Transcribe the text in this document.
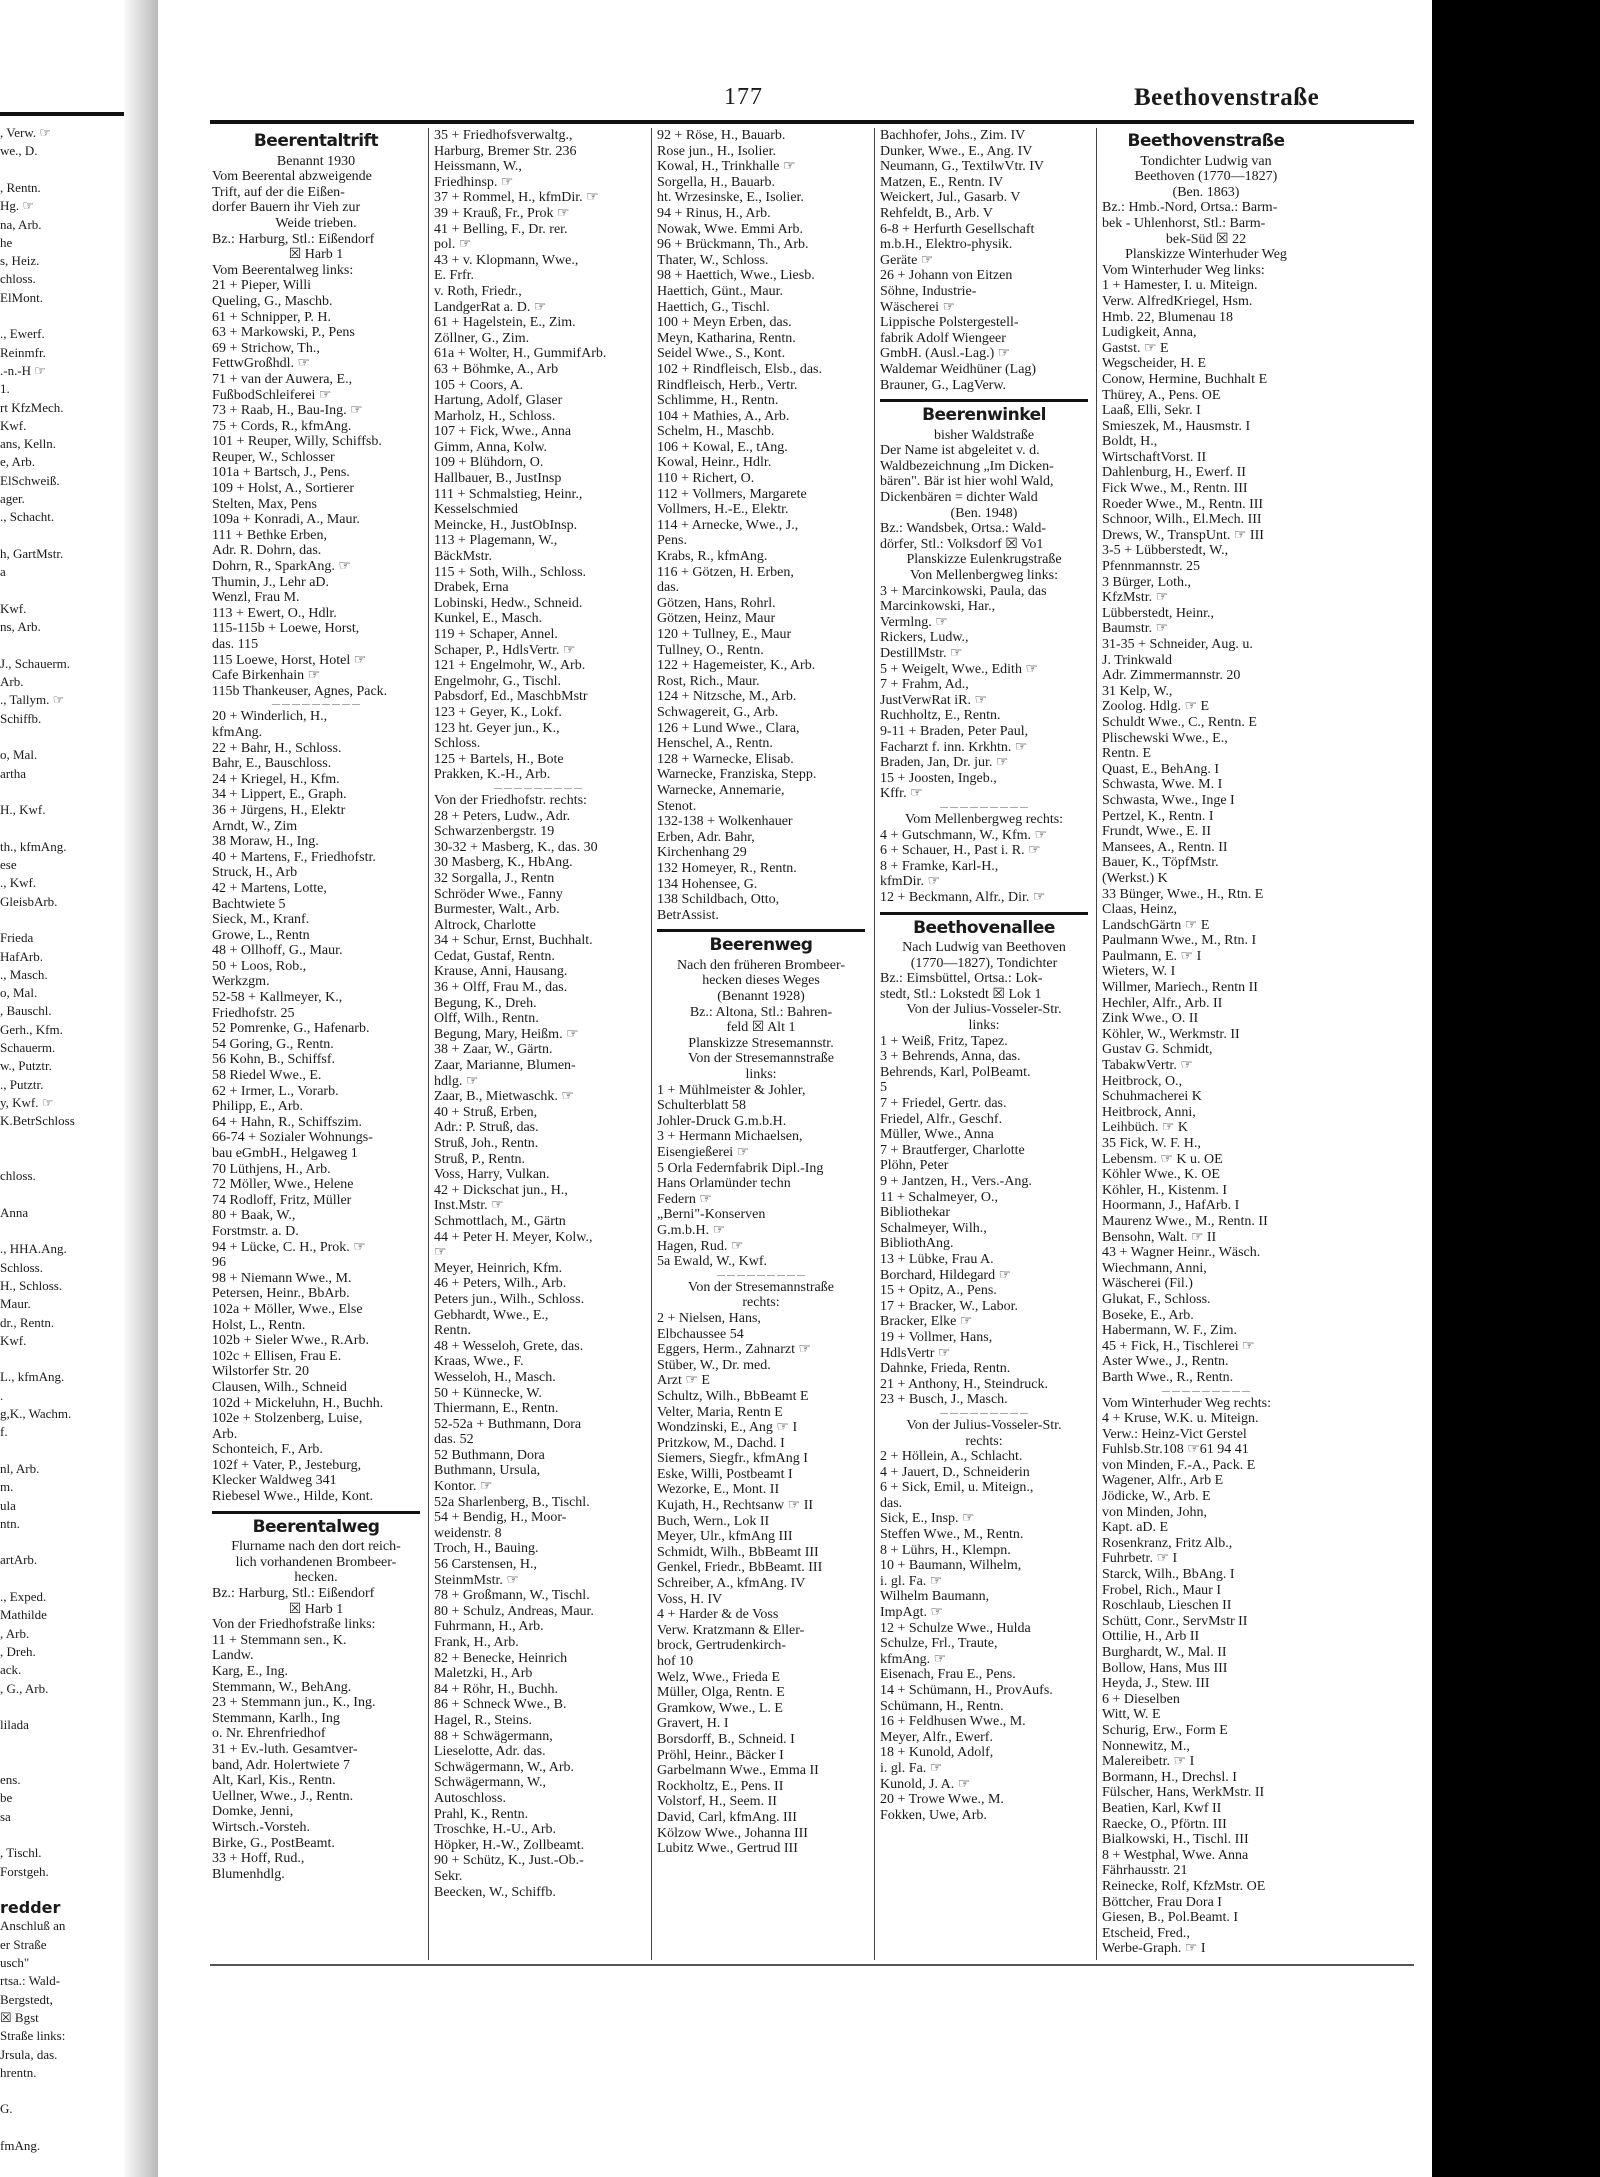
, Verw. ☞
we., D.
, Rentn.
Hg. ☞
na, Arb.
he
s, Heiz.
chloss.
ElMont.
., Ewerf.
Reinmfr.
.-n.-H ☞
1.
rt KfzMech.
Kwf.
ans, Kelln.
e, Arb.
ElSchweiß.
ager.
., Schacht.
h, GartMstr.
a
Kwf.
ns, Arb.
J., Schauerm.
Arb.
., Tallym. ☞
Schiffb.
o, Mal.
artha
H., Kwf.
th., kfmAng.
ese
., Kwf.
GleisbArb.
Frieda
HafArb.
., Masch.
o, Mal.
, Bauschl.
Gerh., Kfm.
Schauerm.
w., Putztr.
., Putztr.
y, Kwf. ☞
K.BetrSchloss
chloss.
Anna
., HHA.Ang.
Schloss.
H., Schloss.
Maur.
dr., Rentn.
Kwf.
L., kfmAng.
.
g,K., Wachm.
f.
nl, Arb.
m.
ula
ntn.
artArb.
., Exped.
Mathilde
, Arb.
, Dreh.
ack.
, G., Arb.
lilada
ens.
be
sa
, Tischl.
Forstgeh.
redder
Anschluß an
er Straße
usch"
rtsa.: Wald-
Bergstedt,
☒ Bgst
Straße links:
Jrsula, das.
hrentn.
G.
fmAng.
177	Beethovenstraße
Beerentaltrift
Benannt 1930
Vom Beerental abzweigende
Trift, auf der die Eißen-
dorfer Bauern ihr Vieh zur
Weide trieben.
Bz.: Harburg, Stl.: Eißendorf
☒ Harb 1
Vom Beerentalweg links:
21 + Pieper, Willi
Queling, G., Maschb.
61 + Schnipper, P. H.
63 + Markowski, P., Pens
69 + Strichow, Th.,
FettwGroßhdl. ☞
71 + van der Auwera, E.,
FußbodSchleiferei ☞
73 + Raab, H., Bau-Ing. ☞
75 + Cords, R., kfmAng.
101 + Reuper, Willy, Schiffsb.
Reuper, W., Schlosser
101a + Bartsch, J., Pens.
109 + Holst, A., Sortierer
Stelten, Max, Pens
109a + Konradi, A., Maur.
111 + Bethke Erben,
Adr. R. Dohrn, das.
Dohrn, R., SparkAng. ☞
Thumin, J., Lehr aD.
Wenzl, Frau M.
113 + Ewert, O., Hdlr.
115-115b + Loewe, Horst,
das. 115
115 Loewe, Horst, Hotel ☞
Cafe Birkenhain ☞
115b Thankeuser, Agnes, Pack.
— — — — — — — — —
20 + Winderlich, H.,
kfmAng.
22 + Bahr, H., Schloss.
Bahr, E., Bauschloss.
24 + Kriegel, H., Kfm.
34 + Lippert, E., Graph.
36 + Jürgens, H., Elektr
Arndt, W., Zim
38 Moraw, H., Ing.
40 + Martens, F., Friedhofstr.
Struck, H., Arb
42 + Martens, Lotte,
Bachtwiete 5
Sieck, M., Kranf.
Growe, L., Rentn
48 + Ollhoff, G., Maur.
50 + Loos, Rob.,
Werkzgm.
52-58 + Kallmeyer, K.,
Friedhofstr. 25
52 Pomrenke, G., Hafenarb.
54 Goring, G., Rentn.
56 Kohn, B., Schiffsf.
58 Riedel Wwe., E.
62 + Irmer, L., Vorarb.
Philipp, E., Arb.
64 + Hahn, R., Schiffszim.
66-74 + Sozialer Wohnungs-
bau eGmbH., Helgaweg 1
70 Lüthjens, H., Arb.
72 Möller, Wwe., Helene
74 Rodloff, Fritz, Müller
80 + Baak, W.,
Forstmstr. a. D.
94 + Lücke, C. H., Prok. ☞
96
98 + Niemann Wwe., M.
Petersen, Heinr., BbArb.
102a + Möller, Wwe., Else
Holst, L., Rentn.
102b + Sieler Wwe., R.Arb.
102c + Ellisen, Frau E.
Wilstorfer Str. 20
Clausen, Wilh., Schneid
102d + Mickeluhn, H., Buchh.
102e + Stolzenberg, Luise,
Arb.
Schonteich, F., Arb.
102f + Vater, P., Jesteburg,
Klecker Waldweg 341
Riebesel Wwe., Hilde, Kont.
Beerentalweg
Flurname nach den dort reich-
lich vorhandenen Brombeer-
hecken.
Bz.: Harburg, Stl.: Eißendorf
☒ Harb 1
Von der Friedhofstraße links:
11 + Stemmann sen., K.
Landw.
Karg, E., Ing.
Stemmann, W., BehAng.
23 + Stemmann jun., K., Ing.
Stemmann, Karlh., Ing
o. Nr. Ehrenfriedhof
31 + Ev.-luth. Gesamtver-
band, Adr. Holertwiete 7
Alt, Karl, Kis., Rentn.
Uellner, Wwe., J., Rentn.
Domke, Jenni,
Wirtsch.-Vorsteh.
Birke, G., PostBeamt.
33 + Hoff, Rud.,
Blumenhdlg.
35 + Friedhofsverwaltg.,
Harburg, Bremer Str. 236
Heissmann, W.,
Friedhinsp. ☞
37 + Rommel, H., kfmDir. ☞
39 + Krauß, Fr., Prok ☞
41 + Belling, F., Dr. rer.
pol. ☞
43 + v. Klopmann, Wwe.,
E. Frfr.
v. Roth, Friedr.,
LandgerRat a. D. ☞
61 + Hagelstein, E., Zim.
Zöllner, G., Zim.
61a + Wolter, H., GummifArb.
63 + Böhmke, A., Arb
105 + Coors, A.
Hartung, Adolf, Glaser
Marholz, H., Schloss.
107 + Fick, Wwe., Anna
Gimm, Anna, Kolw.
109 + Blühdorn, O.
Hallbauer, B., JustInsp
111 + Schmalstieg, Heinr.,
Kesselschmied
Meincke, H., JustObInsp.
113 + Plagemann, W.,
BäckMstr.
115 + Soth, Wilh., Schloss.
Drabek, Erna
Lobinski, Hedw., Schneid.
Kunkel, E., Masch.
119 + Schaper, Annel.
Schaper, P., HdlsVertr. ☞
121 + Engelmohr, W., Arb.
Engelmohr, G., Tischl.
Pabsdorf, Ed., MaschbMstr
123 + Geyer, K., Lokf.
123 ht. Geyer jun., K.,
Schloss.
125 + Bartels, H., Bote
Prakken, K.-H., Arb.
— — — — — — — — —
Von der Friedhofstr. rechts:
28 + Peters, Ludw., Adr.
Schwarzenbergstr. 19
30-32 + Masberg, K., das. 30
30 Masberg, K., HbAng.
32 Sorgalla, J., Rentn
Schröder Wwe., Fanny
Burmester, Walt., Arb.
Altrock, Charlotte
34 + Schur, Ernst, Buchhalt.
Cedat, Gustaf, Rentn.
Krause, Anni, Hausang.
36 + Olff, Frau M., das.
Begung, K., Dreh.
Olff, Wilh., Rentn.
Begung, Mary, Heißm. ☞
38 + Zaar, W., Gärtn.
Zaar, Marianne, Blumen-
hdlg. ☞
Zaar, B., Mietwaschk. ☞
40 + Struß, Erben,
Adr.: P. Struß, das.
Struß, Joh., Rentn.
Struß, P., Rentn.
Voss, Harry, Vulkan.
42 + Dickschat jun., H.,
Inst.Mstr. ☞
Schmottlach, M., Gärtn
44 + Peter H. Meyer, Kolw.,
☞
Meyer, Heinrich, Kfm.
46 + Peters, Wilh., Arb.
Peters jun., Wilh., Schloss.
Gebhardt, Wwe., E.,
Rentn.
48 + Wesseloh, Grete, das.
Kraas, Wwe., F.
Wesseloh, H., Masch.
50 + Künnecke, W.
Thiermann, E., Rentn.
52-52a + Buthmann, Dora
das. 52
52 Buthmann, Dora
Buthmann, Ursula,
Kontor. ☞
52a Sharlenberg, B., Tischl.
54 + Bendig, H., Moor-
weidenstr. 8
Troch, H., Bauing.
56 Carstensen, H.,
SteinmMstr. ☞
78 + Großmann, W., Tischl.
80 + Schulz, Andreas, Maur.
Fuhrmann, H., Arb.
Frank, H., Arb.
82 + Benecke, Heinrich
Maletzki, H., Arb
84 + Röhr, H., Buchh.
86 + Schneck Wwe., B.
Hagel, R., Steins.
88 + Schwägermann,
Lieselotte, Adr. das.
Schwägermann, W., Arb.
Schwägermann, W.,
Autoschloss.
Prahl, K., Rentn.
Troschke, H.-U., Arb.
Höpker, H.-W., Zollbeamt.
90 + Schütz, K., Just.-Ob.-
Sekr.
Beecken, W., Schiffb.
92 + Röse, H., Bauarb.
Rose jun., H., Isolier.
Kowal, H., Trinkhalle ☞
Sorgella, H., Bauarb.
ht. Wrzesinske, E., Isolier.
94 + Rinus, H., Arb.
Nowak, Wwe. Emmi Arb.
96 + Brückmann, Th., Arb.
Thater, W., Schloss.
98 + Haettich, Wwe., Liesb.
Haettich, Günt., Maur.
Haettich, G., Tischl.
100 + Meyn Erben, das.
Meyn, Katharina, Rentn.
Seidel Wwe., S., Kont.
102 + Rindfleisch, Elsb., das.
Rindfleisch, Herb., Vertr.
Schlimme, H., Rentn.
104 + Mathies, A., Arb.
Schelm, H., Maschb.
106 + Kowal, E., tAng.
Kowal, Heinr., Hdlr.
110 + Richert, O.
112 + Vollmers, Margarete
Vollmers, H.-E., Elektr.
114 + Arnecke, Wwe., J.,
Pens.
Krabs, R., kfmAng.
116 + Götzen, H. Erben,
das.
Götzen, Hans, Rohrl.
Götzen, Heinz, Maur
120 + Tullney, E., Maur
Tullney, O., Rentn.
122 + Hagemeister, K., Arb.
Rost, Rich., Maur.
124 + Nitzsche, M., Arb.
Schwagereit, G., Arb.
126 + Lund Wwe., Clara,
Henschel, A., Rentn.
128 + Warnecke, Elisab.
Warnecke, Franziska, Stepp.
Warnecke, Annemarie,
Stenot.
132-138 + Wolkenhauer
Erben, Adr. Bahr,
Kirchenhang 29
132 Homeyer, R., Rentn.
134 Hohensee, G.
138 Schildbach, Otto,
BetrAssist.
Beerenweg
Nach den früheren Brombeer-
hecken dieses Weges
(Benannt 1928)
Bz.: Altona, Stl.: Bahren-
feld ☒ Alt 1
Planskizze Stresemannstr.
Von der Stresemannstraße
links:
1 + Mühlmeister & Johler,
Schulterblatt 58
Johler-Druck G.m.b.H.
3 + Hermann Michaelsen,
Eisengießerei ☞
5 Orla Federnfabrik Dipl.-Ing
Hans Orlamünder techn
Federn ☞
„Berni"-Konserven
G.m.b.H. ☞
Hagen, Rud. ☞
5a Ewald, W., Kwf.
— — — — — — — — —
Von der Stresemannstraße
rechts:
2 + Nielsen, Hans,
Elbchaussee 54
Eggers, Herm., Zahnarzt ☞
Stüber, W., Dr. med.
Arzt ☞ E
Schultz, Wilh., BbBeamt E
Velter, Maria, Rentn E
Wondzinski, E., Ang ☞ I
Pritzkow, M., Dachd. I
Siemers, Siegfr., kfmAng I
Eske, Willi, Postbeamt I
Wezorke, E., Mont. II
Kujath, H., Rechtsanw ☞ II
Buch, Wern., Lok II
Meyer, Ulr., kfmAng III
Schmidt, Wilh., BbBeamt III
Genkel, Friedr., BbBeamt. III
Schreiber, A., kfmAng. IV
Voss, H. IV
4 + Harder & de Voss
Verw. Kratzmann & Eller-
brock, Gertrudenkirch-
hof 10
Welz, Wwe., Frieda E
Müller, Olga, Rentn. E
Gramkow, Wwe., L. E
Gravert, H. I
Borsdorff, B., Schneid. I
Pröhl, Heinr., Bäcker I
Garbelmann Wwe., Emma II
Rockholtz, E., Pens. II
Volstorf, H., Seem. II
David, Carl, kfmAng. III
Kölzow Wwe., Johanna III
Lubitz Wwe., Gertrud III
Bachhofer, Johs., Zim. IV
Dunker, Wwe., E., Ang. IV
Neumann, G., TextilwVtr. IV
Matzen, E., Rentn. IV
Weickert, Jul., Gasarb. V
Rehfeldt, B., Arb. V
6-8 + Herfurth Gesellschaft
m.b.H., Elektro-physik.
Geräte ☞
26 + Johann von Eitzen
Söhne, Industrie-
Wäscherei ☞
Lippische Polstergestell-
fabrik Adolf Wiengeer
GmbH. (Ausl.-Lag.) ☞
Waldemar Weidhüner (Lag)
Brauner, G., LagVerw.
Beerenwinkel
bisher Waldstraße
Der Name ist abgeleitet v. d.
Waldbezeichnung „Im Dicken-
bären". Bär ist hier wohl Wald,
Dickenbären = dichter Wald
(Ben. 1948)
Bz.: Wandsbek, Ortsa.: Wald-
dörfer, Stl.: Volksdorf ☒ Vo1
Planskizze Eulenkrugstraße
Von Mellenbergweg links:
3 + Marcinkowski, Paula, das
Marcinkowski, Har.,
Vermlng. ☞
Rickers, Ludw.,
DestillMstr. ☞
5 + Weigelt, Wwe., Edith ☞
7 + Frahm, Ad.,
JustVerwRat iR. ☞
Ruchholtz, E., Rentn.
9-11 + Braden, Peter Paul,
Facharzt f. inn. Krkhtn. ☞
Braden, Jan, Dr. jur. ☞
15 + Joosten, Ingeb.,
Kffr. ☞
— — — — — — — — —
Vom Mellenbergweg rechts:
4 + Gutschmann, W., Kfm. ☞
6 + Schauer, H., Past i. R. ☞
8 + Framke, Karl-H.,
kfmDir. ☞
12 + Beckmann, Alfr., Dir. ☞
Beethovenallee
Nach Ludwig van Beethoven
(1770—1827), Tondichter
Bz.: Eimsbüttel, Ortsa.: Lok-
stedt, Stl.: Lokstedt ☒ Lok 1
Von der Julius-Vosseler-Str.
links:
1 + Weiß, Fritz, Tapez.
3 + Behrends, Anna, das.
Behrends, Karl, PolBeamt.
5
7 + Friedel, Gertr. das.
Friedel, Alfr., Geschf.
Müller, Wwe., Anna
7 + Brautferger, Charlotte
Plöhn, Peter
9 + Jantzen, H., Vers.-Ang.
11 + Schalmeyer, O.,
Bibliothekar
Schalmeyer, Wilh.,
BibliothAng.
13 + Lübke, Frau A.
Borchard, Hildegard ☞
15 + Opitz, A., Pens.
17 + Bracker, W., Labor.
Bracker, Elke ☞
19 + Vollmer, Hans,
HdlsVertr ☞
Dahnke, Frieda, Rentn.
21 + Anthony, H., Steindruck.
23 + Busch, J., Masch.
— — — — — — — — —
Von der Julius-Vosseler-Str.
rechts:
2 + Höllein, A., Schlacht.
4 + Jauert, D., Schneiderin
6 + Sick, Emil, u. Miteign.,
das.
Sick, E., Insp. ☞
Steffen Wwe., M., Rentn.
8 + Lührs, H., Klempn.
10 + Baumann, Wilhelm,
i. gl. Fa. ☞
Wilhelm Baumann,
ImpAgt. ☞
12 + Schulze Wwe., Hulda
Schulze, Frl., Traute,
kfmAng. ☞
Eisenach, Frau E., Pens.
14 + Schümann, H., ProvAufs.
Schümann, H., Rentn.
16 + Feldhusen Wwe., M.
Meyer, Alfr., Ewerf.
18 + Kunold, Adolf,
i. gl. Fa. ☞
Kunold, J. A. ☞
20 + Trowe Wwe., M.
Fokken, Uwe, Arb.
Beethovenstraße
Tondichter Ludwig van
Beethoven (1770—1827)
(Ben. 1863)
Bz.: Hmb.-Nord, Ortsa.: Barm-
bek - Uhlenhorst, Stl.: Barm-
bek-Süd ☒ 22
Planskizze Winterhuder Weg
Vom Winterhuder Weg links:
1 + Hamester, I. u. Miteign.
Verw. AlfredKriegel, Hsm.
Hmb. 22, Blumenau 18
Ludigkeit, Anna,
Gastst. ☞ E
Wegscheider, H. E
Conow, Hermine, Buchhalt E
Thürey, A., Pens. OE
Laaß, Elli, Sekr. I
Smieszek, M., Hausmstr. I
Boldt, H.,
WirtschaftVorst. II
Dahlenburg, H., Ewerf. II
Fick Wwe., M., Rentn. III
Roeder Wwe., M., Rentn. III
Schnoor, Wilh., El.Mech. III
Drews, W., TranspUnt. ☞ III
3-5 + Lübberstedt, W.,
Pfennmannstr. 25
3 Bürger, Loth.,
KfzMstr. ☞
Lübberstedt, Heinr.,
Baumstr. ☞
31-35 + Schneider, Aug. u.
J. Trinkwald
Adr. Zimmermannstr. 20
31 Kelp, W.,
Zoolog. Hdlg. ☞ E
Schuldt Wwe., C., Rentn. E
Plischewski Wwe., E.,
Rentn. E
Quast, E., BehAng. I
Schwasta, Wwe. M. I
Schwasta, Wwe., Inge I
Pertzel, K., Rentn. I
Frundt, Wwe., E. II
Mansees, A., Rentn. II
Bauer, K., TöpfMstr.
(Werkst.) K
33 Bünger, Wwe., H., Rtn. E
Claas, Heinz,
LandschGärtn ☞ E
Paulmann Wwe., M., Rtn. I
Paulmann, E. ☞ I
Wieters, W. I
Willmer, Mariech., Rentn II
Hechler, Alfr., Arb. II
Zink Wwe., O. II
Köhler, W., Werkmstr. II
Gustav G. Schmidt,
TabakwVertr. ☞
Heitbrock, O.,
Schuhmacherei K
Heitbrock, Anni,
Leihbüch. ☞ K
35 Fick, W. F. H.,
Lebensm. ☞ K u. OE
Köhler Wwe., K. OE
Köhler, H., Kistenm. I
Hoormann, J., HafArb. I
Maurenz Wwe., M., Rentn. II
Bensohn, Walt. ☞ II
43 + Wagner Heinr., Wäsch.
Wiechmann, Anni,
Wäscherei (Fil.)
Glukat, F., Schloss.
Boseke, E., Arb.
Habermann, W. F., Zim.
45 + Fick, H., Tischlerei ☞
Aster Wwe., J., Rentn.
Barth Wwe., R., Rentn.
— — — — — — — — —
Vom Winterhuder Weg rechts:
4 + Kruse, W.K. u. Miteign.
Verw.: Heinz-Vict Gerstel
Fuhlsb.Str.108 ☞61 94 41
von Minden, F.-A., Pack. E
Wagener, Alfr., Arb E
Jödicke, W., Arb. E
von Minden, John,
Kapt. aD. E
Rosenkranz, Fritz Alb.,
Fuhrbetr. ☞ I
Starck, Wilh., BbAng. I
Frobel, Rich., Maur I
Roschlaub, Lieschen II
Schütt, Conr., ServMstr II
Ottilie, H., Arb II
Burghardt, W., Mal. II
Bollow, Hans, Mus III
Heyda, J., Stew. III
6 + Dieselben
Witt, W. E
Schurig, Erw., Form E
Nonnewitz, M.,
Malereibetr. ☞ I
Bormann, H., Drechsl. I
Fülscher, Hans, WerkMstr. II
Beatien, Karl, Kwf II
Raecke, O., Pförtn. III
Bialkowski, H., Tischl. III
8 + Westphal, Wwe. Anna
Fährhausstr. 21
Reinecke, Rolf, KfzMstr. OE
Böttcher, Frau Dora I
Giesen, B., Pol.Beamt. I
Etscheid, Fred.,
Werbe-Graph. ☞ I
